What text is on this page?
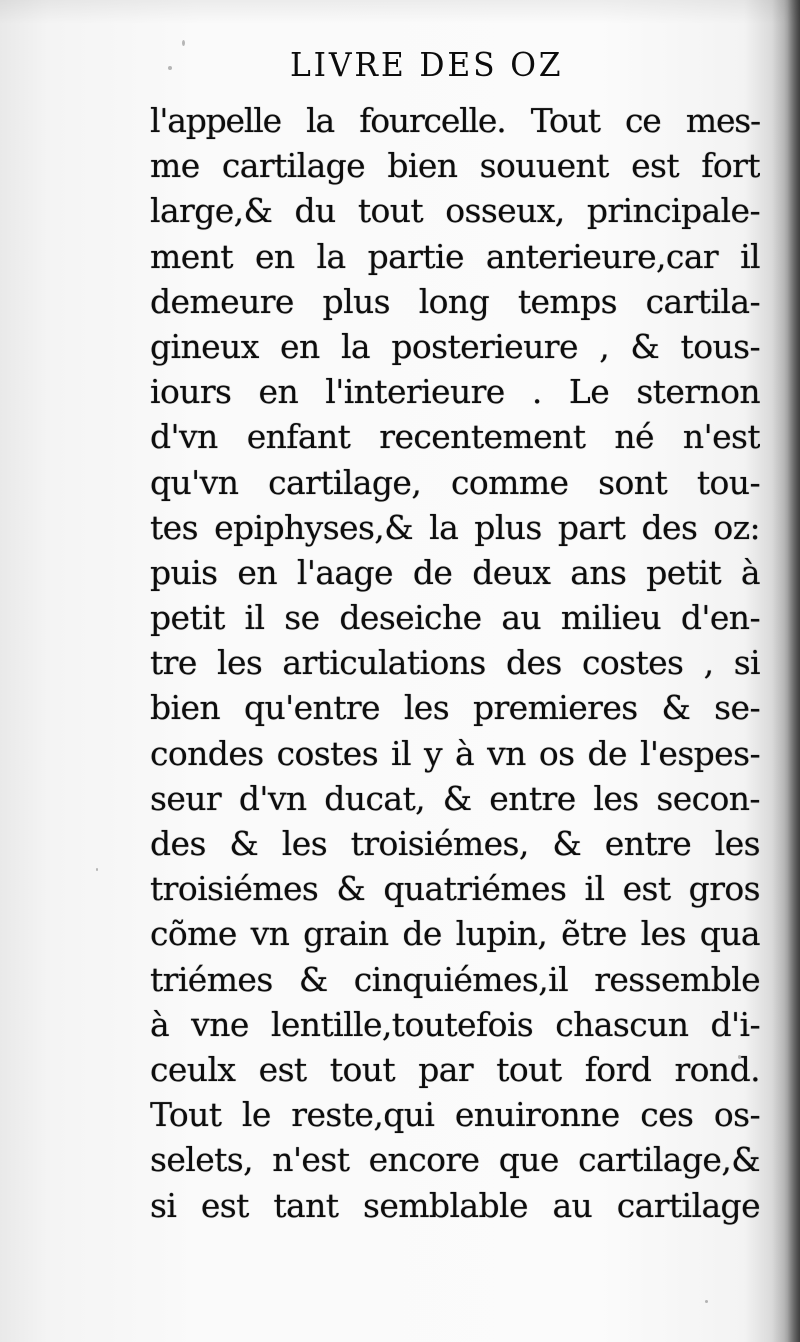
LIVRE DES OZ
l'appelle la fourcelle. Tout ce mes-
me cartilage bien souuent est fort
large,& du tout osseux, principale-
ment en la partie anterieure,car il
demeure plus long temps cartila-
gineux en la posterieure , & tous-
iours en l'interieure . Le sternon
d'vn enfant recentement né n'est
qu'vn cartilage, comme sont tou-
tes epiphyses,& la plus part des oz:
puis en l'aage de deux ans petit à
petit il se deseiche au milieu d'en-
tre les articulations des costes , si
bien qu'entre les premieres & se-
condes costes il y à vn os de l'espes-
seur d'vn ducat, & entre les secon-
des & les troisiémes, & entre les
troisiémes & quatriémes il est gros
cõme vn grain de lupin, ẽtre les qua
triémes & cinquiémes,il ressemble
à vne lentille,toutefois chascun d'i-
ceulx est tout par tout ford rond.
Tout le reste,qui enuironne ces os-
selets, n'est encore que cartilage,&
si est tant semblable au cartilage
